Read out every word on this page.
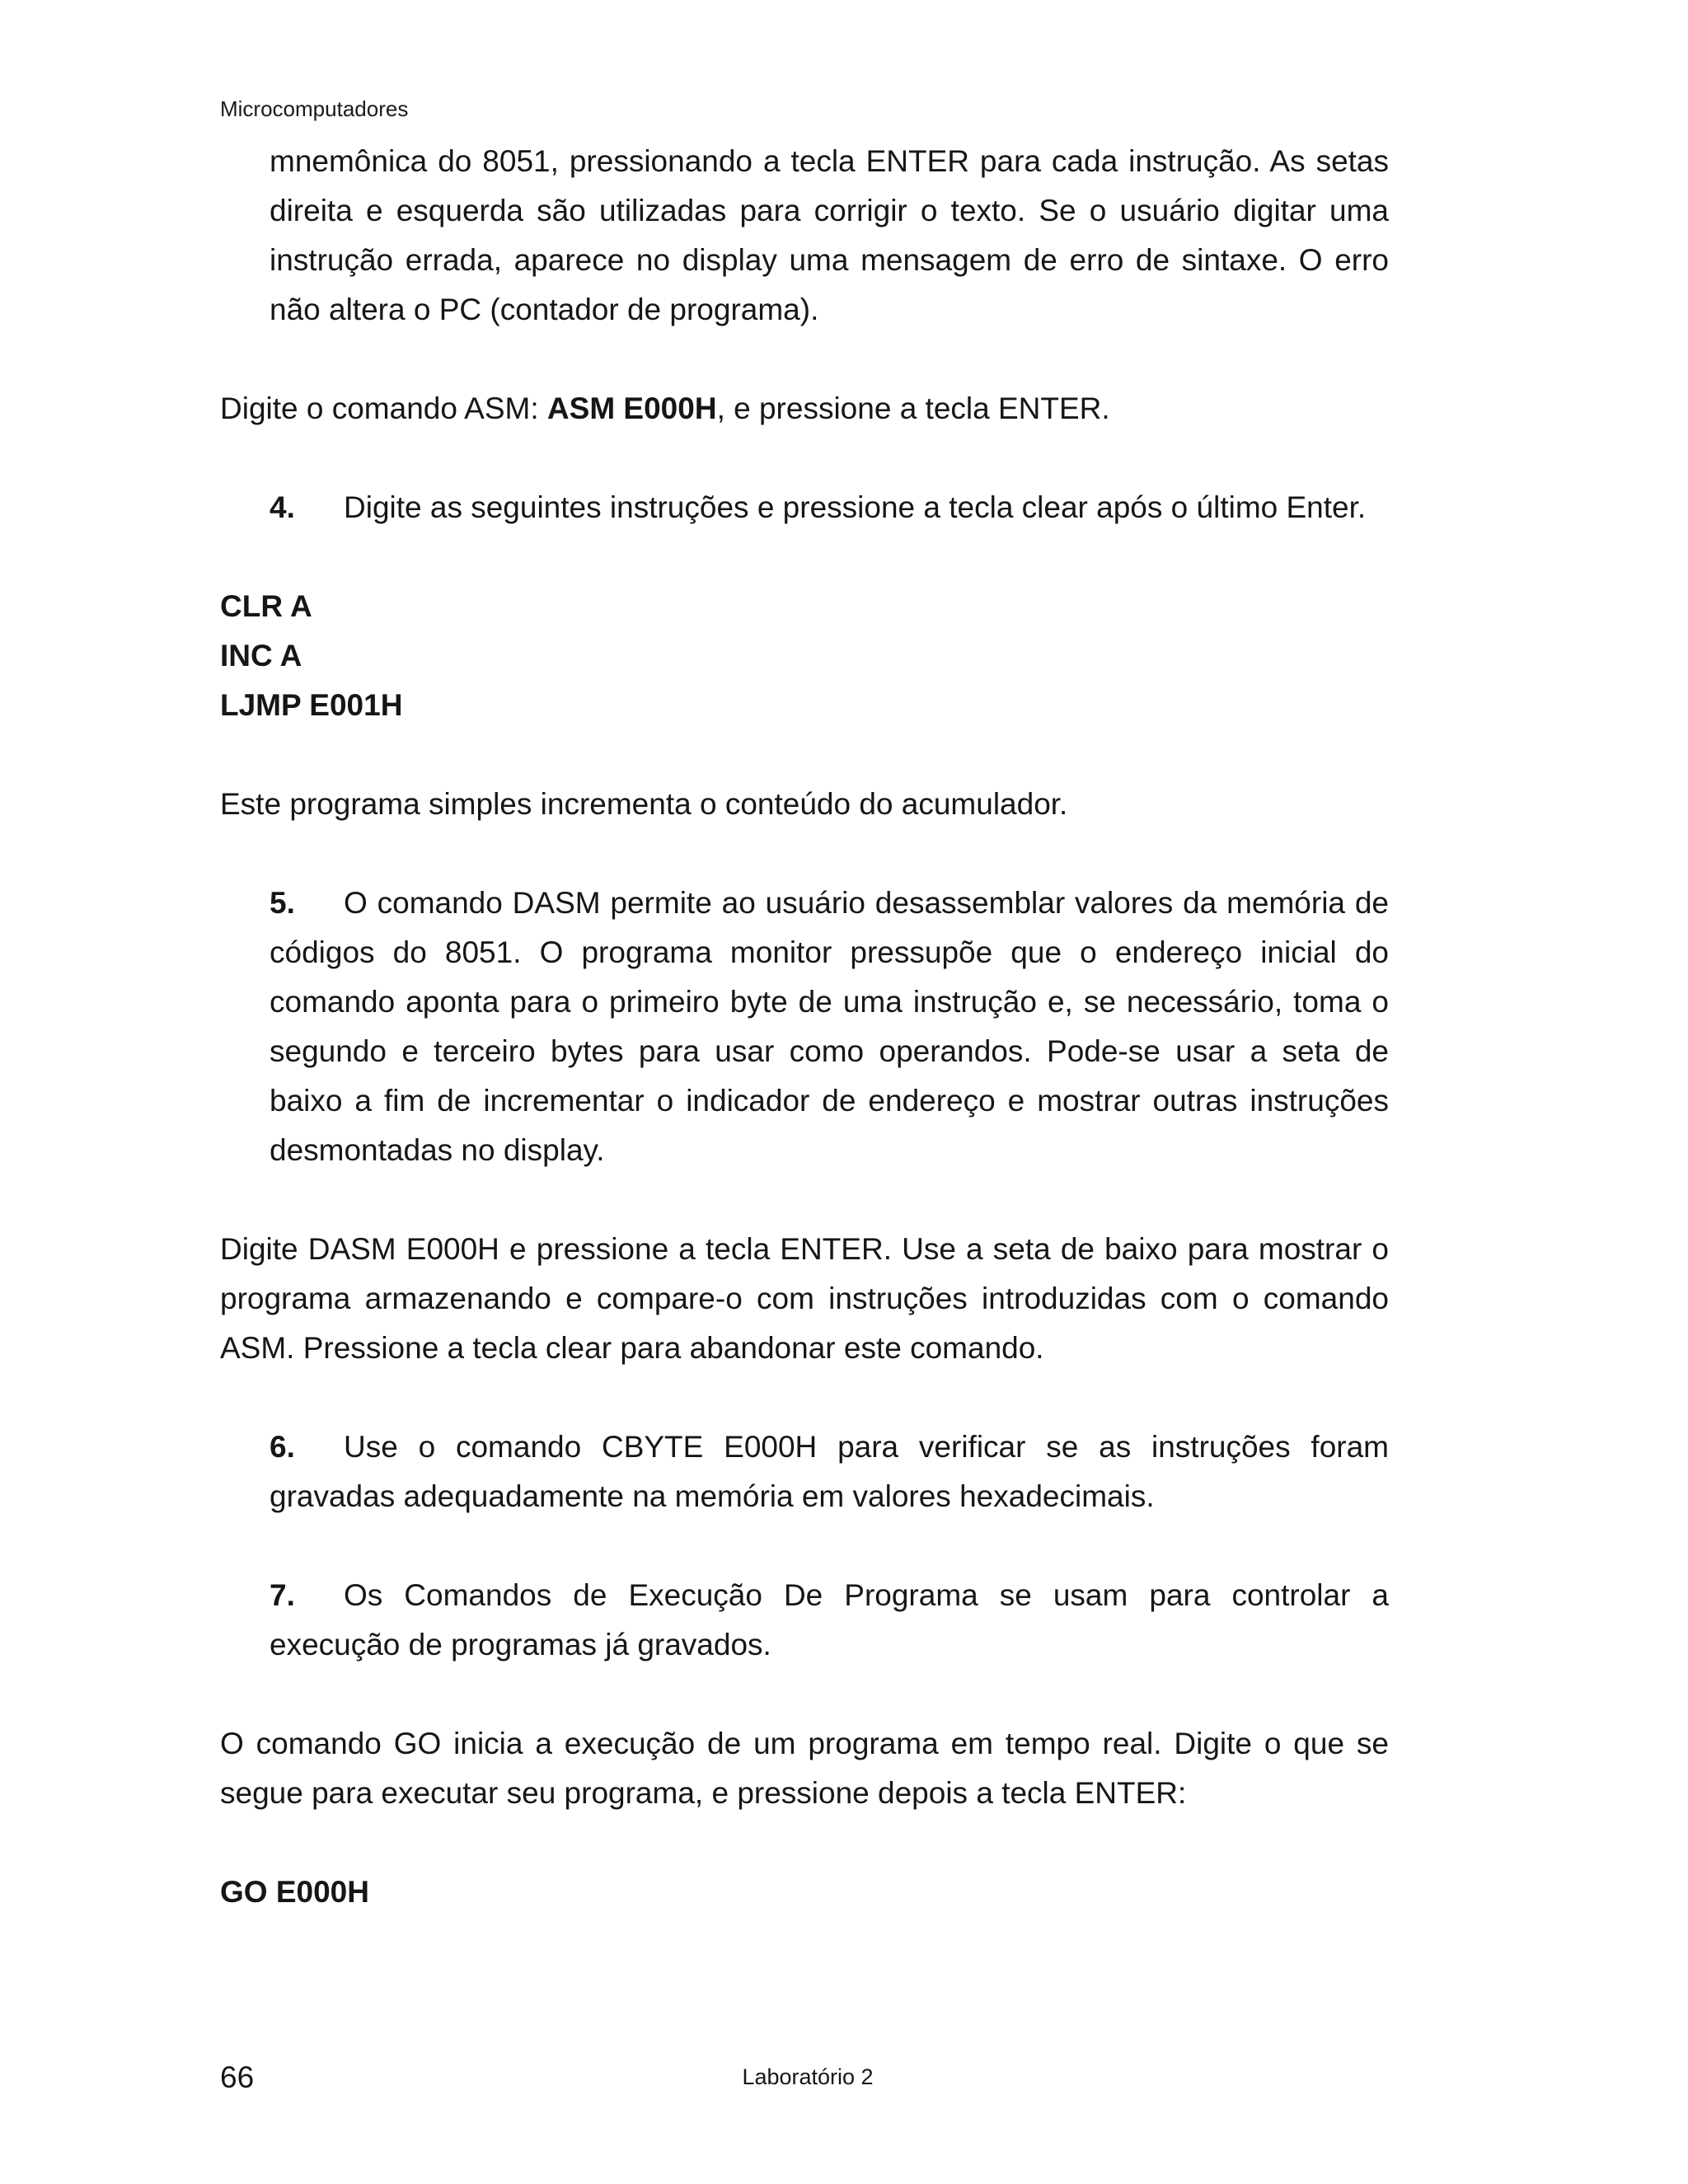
Microcomputadores

mnemônica do 8051, pressionando a tecla ENTER para cada instrução. As setas direita e esquerda são utilizadas para corrigir o texto. Se o usuário digitar uma instrução errada, aparece no display uma mensagem de erro de sintaxe. O erro não altera o PC (contador de programa).

Digite o comando ASM: ASM E000H, e pressione a tecla ENTER.

4. Digite as seguintes instruções e pressione a tecla clear após o último Enter.

CLR A
INC A
LJMP E001H

Este programa simples incrementa o conteúdo do acumulador.

5. O comando DASM permite ao usuário desassemblar valores da memória de códigos do 8051. O programa monitor pressupõe que o endereço inicial do comando aponta para o primeiro byte de uma instrução e, se necessário, toma o segundo e terceiro bytes para usar como operandos. Pode-se usar a seta de baixo a fim de incrementar o indicador de endereço e mostrar outras instruções desmontadas no display.

Digite DASM E000H e pressione a tecla ENTER. Use a seta de baixo para mostrar o programa armazenando e compare-o com instruções introduzidas com o comando ASM. Pressione a tecla clear para abandonar este comando.

6. Use o comando CBYTE E000H para verificar se as instruções foram gravadas adequadamente na memória em valores hexadecimais.

7. Os Comandos de Execução De Programa se usam para controlar a execução de programas já gravados.

O comando GO inicia a execução de um programa em tempo real. Digite o que se segue para executar seu programa, e pressione depois a tecla ENTER:

GO E000H
66	Laboratório 2
